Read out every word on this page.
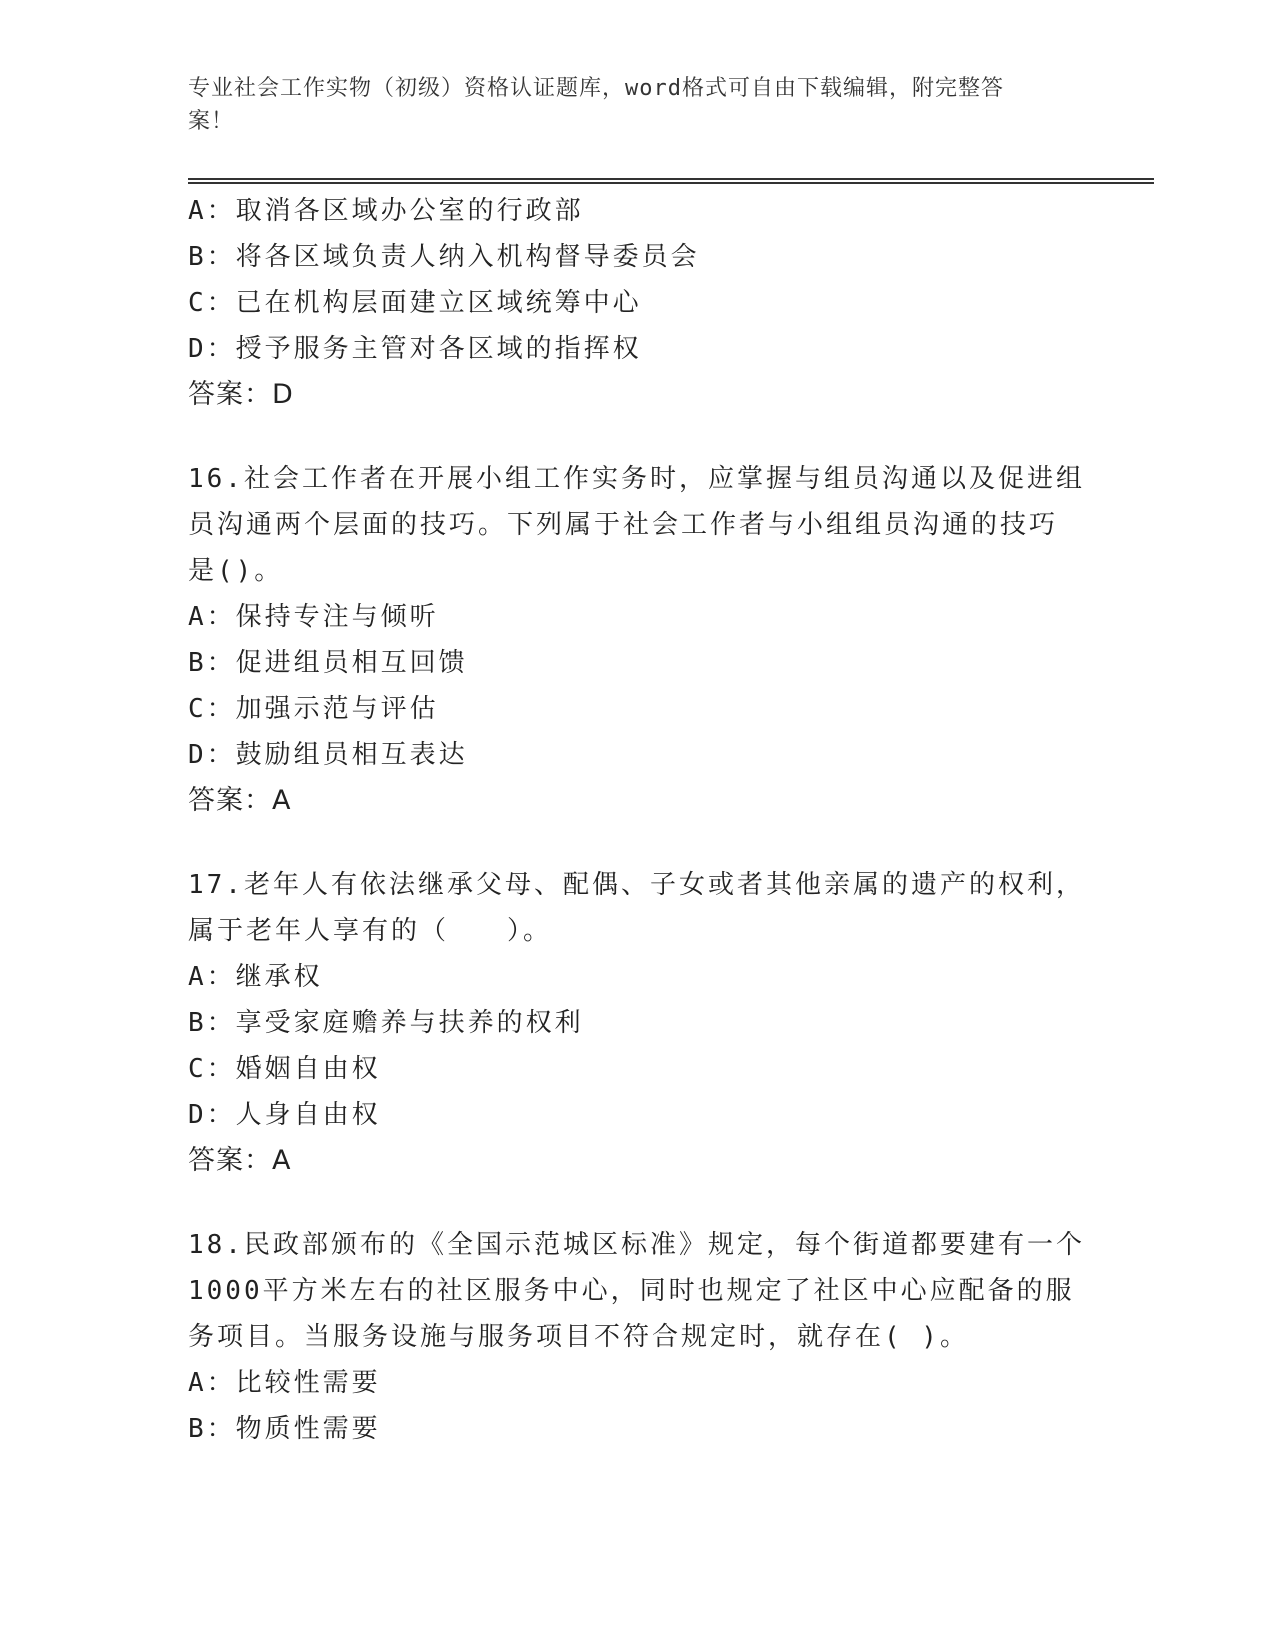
专业社会工作实物（初级）资格认证题库，word格式可自由下载编辑，附完整答
案！
A：取消各区域办公室的行政部
B：将各区域负责人纳入机构督导委员会
C：已在机构层面建立区域统筹中心
D：授予服务主管对各区域的指挥权
答案：D
16.社会工作者在开展小组工作实务时，应掌握与组员沟通以及促进组
员沟通两个层面的技巧。下列属于社会工作者与小组组员沟通的技巧
是()。
A：保持专注与倾听
B：促进组员相互回馈
C：加强示范与评估
D：鼓励组员相互表达
答案：A
17.老年人有依法继承父母、配偶、子女或者其他亲属的遗产的权利，
属于老年人享有的（　　）。
A：继承权
B：享受家庭赡养与扶养的权利
C：婚姻自由权
D：人身自由权
答案：A
18.民政部颁布的《全国示范城区标准》规定，每个街道都要建有一个
1000平方米左右的社区服务中心，同时也规定了社区中心应配备的服
务项目。当服务设施与服务项目不符合规定时，就存在( )。
A：比较性需要
B：物质性需要
